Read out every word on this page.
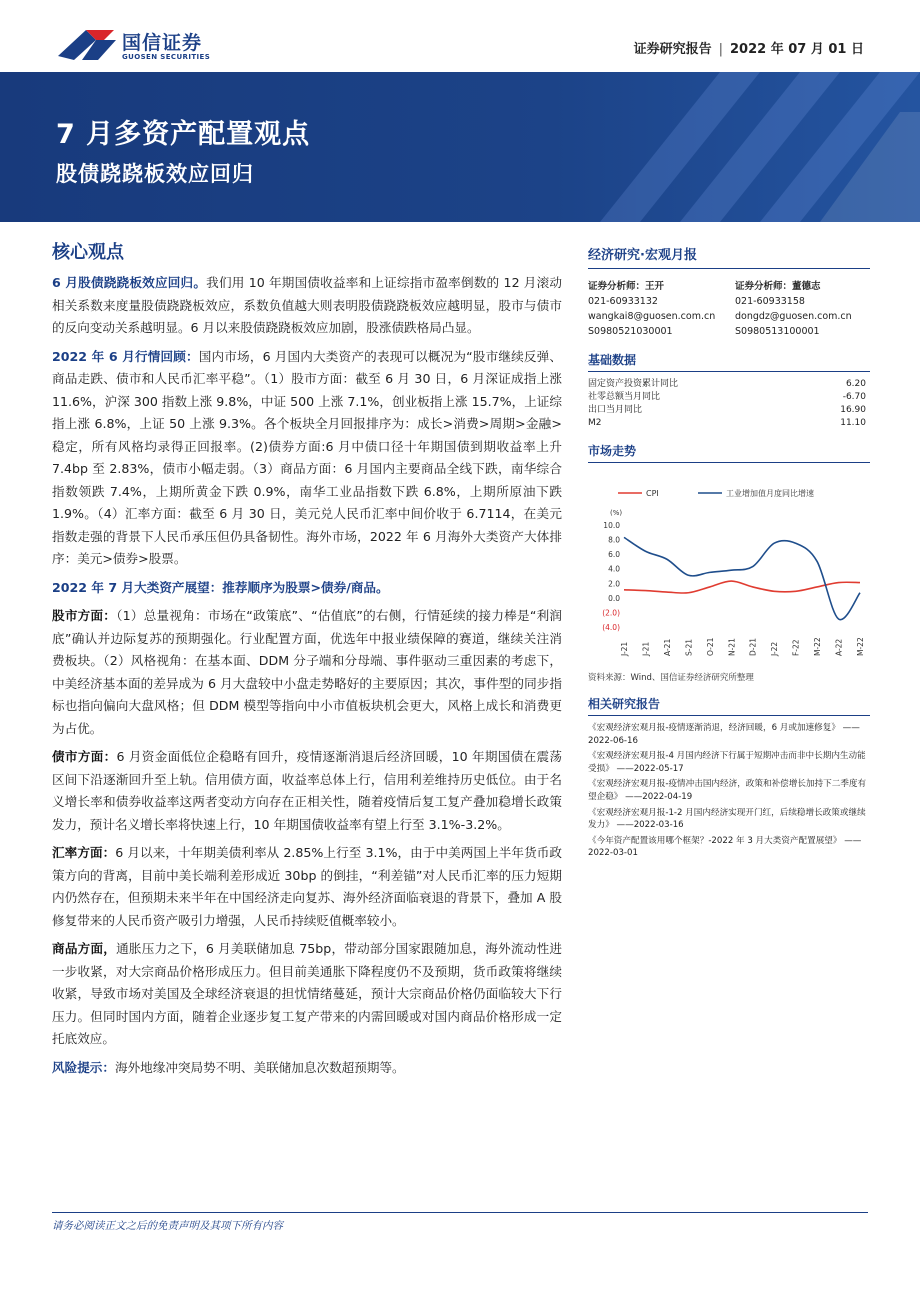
国信证券
GUOSEN SECURITIES	证券研究报告 | 2022 年 07 月 01 日
7 月多资产配置观点
股债跷跷板效应回归
核心观点
6 月股债跷跷板效应回归。我们用 10 年期国债收益率和上证综指市盈率倒数的 12 月滚动相关系数来度量股债跷跷板效应，系数负值越大则表明股债跷跷板效应越明显，股市与债市的反向变动关系越明显。6 月以来股债跷跷板效应加剧，股涨债跌格局凸显。
2022 年 6 月行情回顾：国内市场，6 月国内大类资产的表现可以概况为“股市继续反弹、商品走跌、债市和人民币汇率平稳”。（1）股市方面：截至 6 月 30 日，6 月深证成指上涨 11.6%，沪深 300 指数上涨 9.8%，中证 500 上涨 7.1%，创业板指上涨 15.7%，上证综指上涨 6.8%，上证 50 上涨 9.3%。各个板块全月回报排序为：成长>消费>周期>金融>稳定，所有风格均录得正回报率。(2)债券方面:6 月中债口径十年期国债到期收益率上升 7.4bp 至 2.83%，债市小幅走弱。（3）商品方面：6 月国内主要商品全线下跌，南华综合指数领跌 7.4%，上期所黄金下跌 0.9%，南华工业品指数下跌 6.8%，上期所原油下跌 1.9%。（4）汇率方面：截至 6 月 30 日，美元兑人民币汇率中间价收于 6.7114，在美元指数走强的背景下人民币承压但仍具备韧性。海外市场，2022 年 6 月海外大类资产大体排序：美元>债券>股票。
2022 年 7 月大类资产展望：推荐顺序为股票>债券/商品。
股市方面：（1）总量视角：市场在“政策底”、“估值底”的右侧，行情延续的接力棒是“利润底”确认并边际复苏的预期强化。行业配置方面，优选年中报业绩保障的赛道，继续关注消费板块。（2）风格视角：在基本面、DDM 分子端和分母端、事件驱动三重因素的考虑下，中美经济基本面的差异成为 6 月大盘较中小盘走势略好的主要原因；其次，事件型的同步指标也指向偏向大盘风格；但 DDM 模型等指向中小市值板块机会更大，风格上成长和消费更为占优。
债市方面：6 月资金面低位企稳略有回升，疫情逐渐消退后经济回暖，10 年期国债在震荡区间下沿逐渐回升至上轨。信用债方面，收益率总体上行，信用利差维持历史低位。由于名义增长率和债券收益率这两者变动方向存在正相关性，随着疫情后复工复产叠加稳增长政策发力，预计名义增长率将快速上行，10 年期国债收益率有望上行至 3.1%-3.2%。
汇率方面：6 月以来，十年期美债利率从 2.85%上行至 3.1%，由于中美两国上半年货币政策方向的背离，目前中美长端利差形成近 30bp 的倒挂，“利差锚”对人民币汇率的压力短期内仍然存在，但预期未来半年在中国经济走向复苏、海外经济面临衰退的背景下，叠加 A 股修复带来的人民币资产吸引力增强，人民币持续贬值概率较小。
商品方面，通胀压力之下，6 月美联储加息 75bp，带动部分国家跟随加息，海外流动性进一步收紧，对大宗商品价格形成压力。但目前美通胀下降程度仍不及预期，货币政策将继续收紧，导致市场对美国及全球经济衰退的担忧情绪蔓延，预计大宗商品价格仍面临较大下行压力。但同时国内方面，随着企业逐步复工复产带来的内需回暖或对国内商品价格形成一定托底效应。
风险提示：海外地缘冲突局势不明、美联储加息次数超预期等。
经济研究·宏观月报
证券分析师：王开
021-60933132
wangkai8@guosen.com.cn
S0980521030001
证券分析师：董德志
021-60933158
dongdz@guosen.com.cn
S0980513100001
基础数据
固定资产投资累计同比	6.20
社零总额当月同比	-6.70
出口当月同比	16.90
M2	11.10
市场走势
CPI	工业增加值月度同比增速
(%)
10.0
8.0
6.0
4.0
2.0
0.0
(2.0)
(4.0)
J-21 J-21 A-21 S-21 O-21 N-21 D-21 J-22 F-22 M-22 A-22 M-22
资料来源：Wind、国信证券经济研究所整理
相关研究报告
《宏观经济宏观月报-疫情逐渐消退，经济回暖，6 月或加速修复》 ——2022-06-16
《宏观经济宏观月报-4 月国内经济下行属于短期冲击而非中长期内生动能受损》 ——2022-05-17
《宏观经济宏观月报-疫情冲击国内经济，政策和补偿增长加持下二季度有望企稳》 ——2022-04-19
《宏观经济宏观月报-1-2 月国内经济实现开门红，后续稳增长政策或继续发力》 ——2022-03-16
《今年资产配置该用哪个框架？-2022 年 3 月大类资产配置展望》 ——2022-03-01
请务必阅读正文之后的免责声明及其项下所有内容
